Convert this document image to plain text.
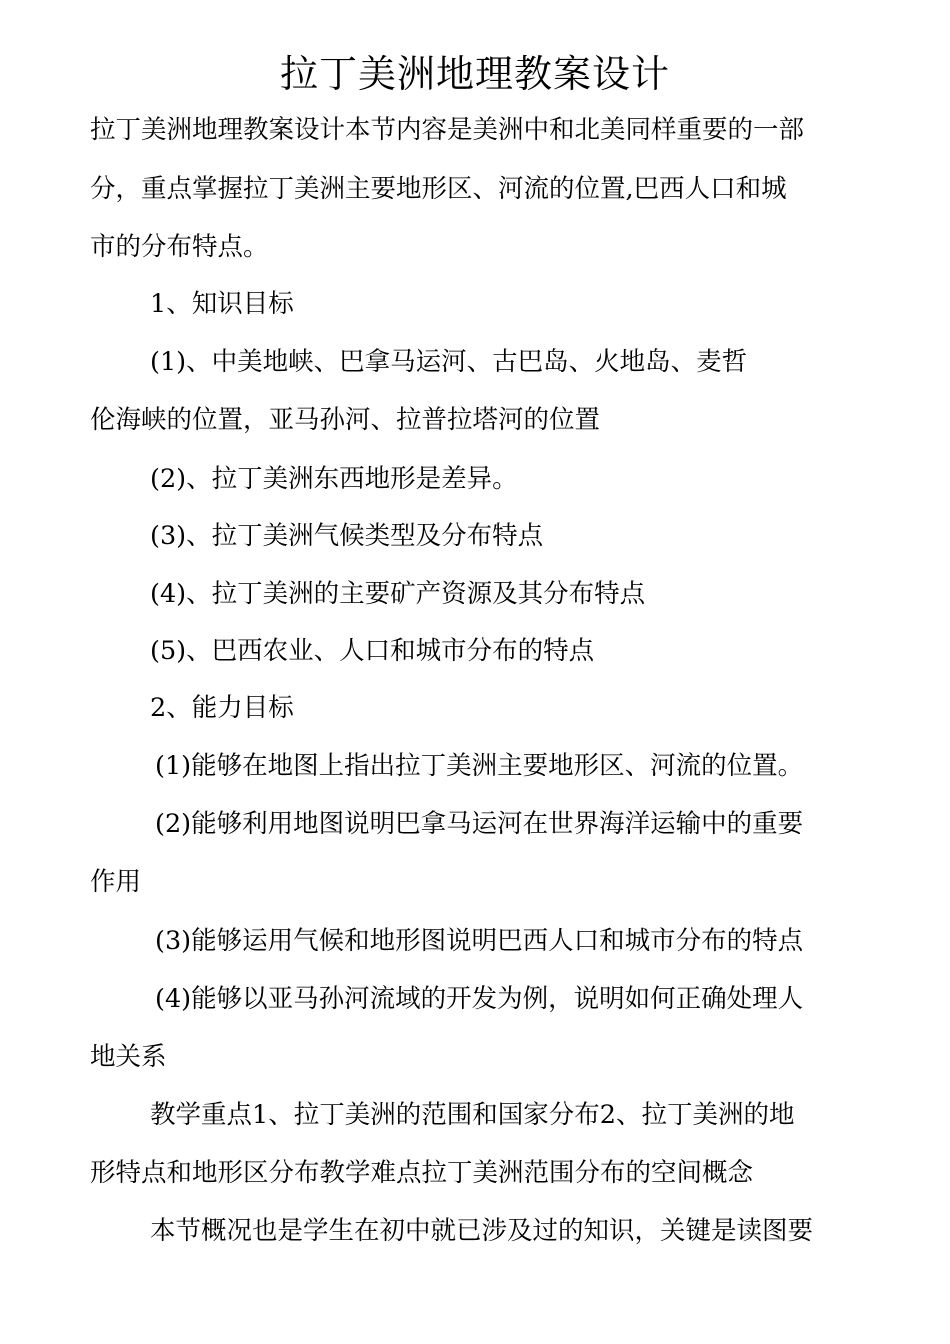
拉丁美洲地理教案设计
拉丁美洲地理教案设计本节内容是美洲中和北美同样重要的一部
分，重点掌握拉丁美洲主要地形区、河流的位置,巴西人口和城
市的分布特点。
1、知识目标
(1)、中美地峡、巴拿马运河、古巴岛、火地岛、麦哲
伦海峡的位置，亚马孙河、拉普拉塔河的位置
(2)、拉丁美洲东西地形是差异。
(3)、拉丁美洲气候类型及分布特点
(4)、拉丁美洲的主要矿产资源及其分布特点
(5)、巴西农业、人口和城市分布的特点
2、能力目标
(1)能够在地图上指出拉丁美洲主要地形区、河流的位置。
(2)能够利用地图说明巴拿马运河在世界海洋运输中的重要
作用
(3)能够运用气候和地形图说明巴西人口和城市分布的特点
(4)能够以亚马孙河流域的开发为例，说明如何正确处理人
地关系
教学重点1、拉丁美洲的范围和国家分布2、拉丁美洲的地
形特点和地形区分布教学难点拉丁美洲范围分布的空间概念
本节概况也是学生在初中就已涉及过的知识，关键是读图要
